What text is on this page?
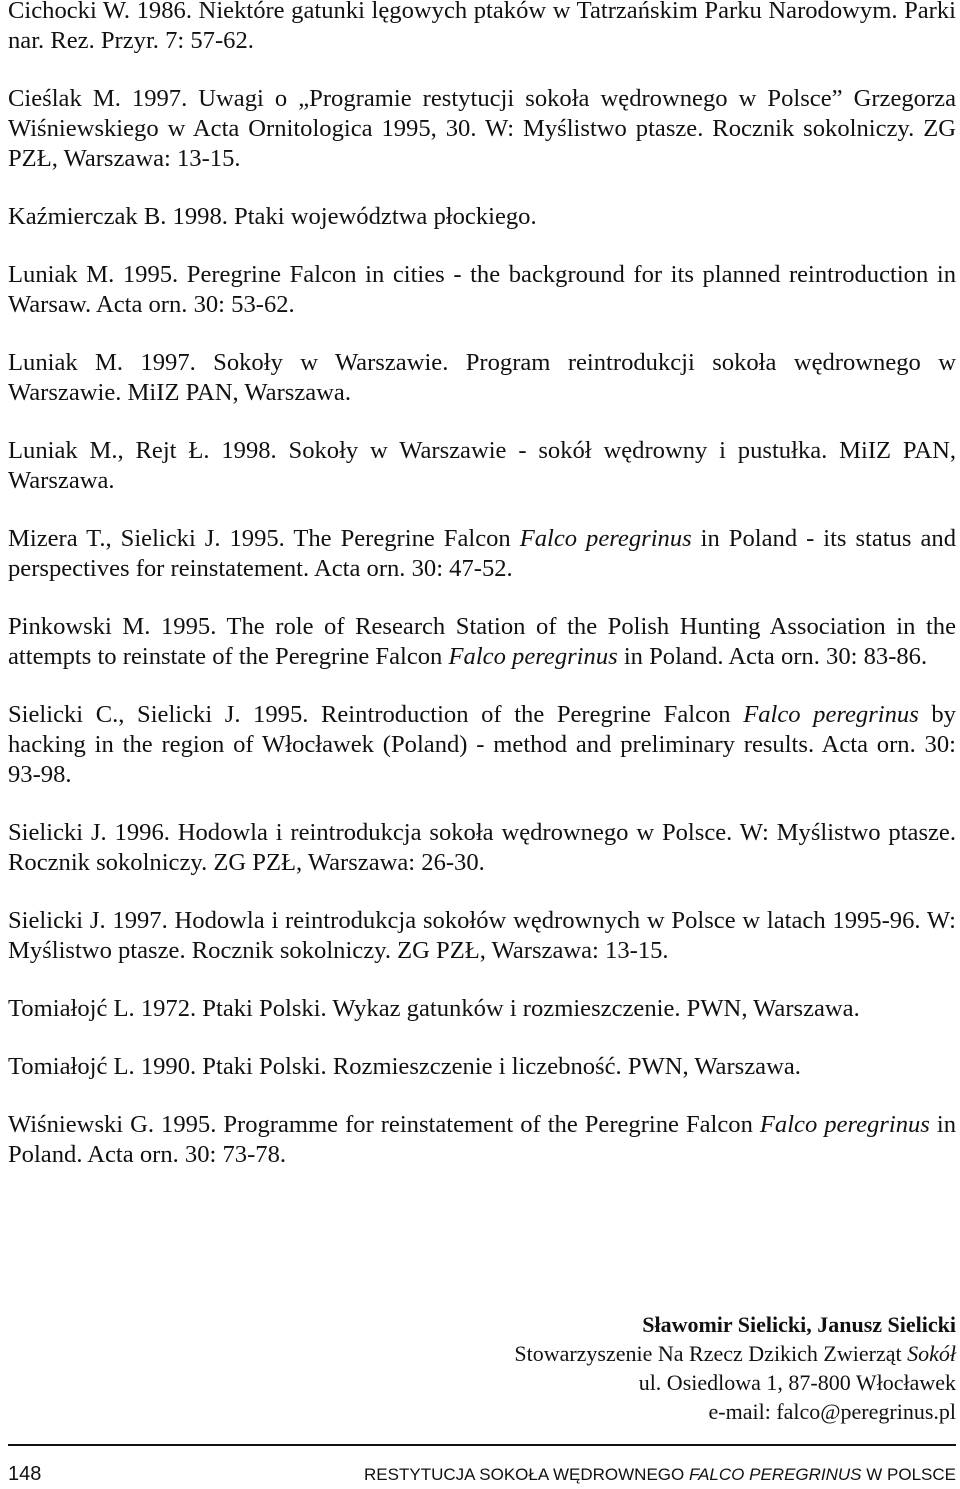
Cichocki W. 1986. Niektóre gatunki lęgowych ptaków w Tatrzańskim Parku Narodowym. Parki nar. Rez. Przyr. 7: 57-62.

Cieślak M. 1997. Uwagi o „Programie restytucji sokoła wędrownego w Polsce” Grzegorza Wiśniewskiego w Acta Ornitologica 1995, 30. W: Myślistwo ptasze. Rocznik sokolniczy. ZG PZŁ, Warszawa: 13-15.

Kaźmierczak B. 1998. Ptaki województwa płockiego.

Luniak M. 1995. Peregrine Falcon in cities - the background for its planned reintroduction in Warsaw. Acta orn. 30: 53-62.

Luniak M. 1997. Sokoły w Warszawie. Program reintrodukcji sokoła wędrownego w Warszawie. MiIZ PAN, Warszawa.

Luniak M., Rejt Ł. 1998. Sokoły w Warszawie - sokół wędrowny i pustułka. MiIZ PAN, Warszawa.

Mizera T., Sielicki J. 1995. The Peregrine Falcon Falco peregrinus in Poland - its status and perspectives for reinstatement. Acta orn. 30: 47-52.

Pinkowski M. 1995. The role of Research Station of the Polish Hunting Association in the attempts to reinstate of the Peregrine Falcon Falco peregrinus in Poland. Acta orn. 30: 83-86.

Sielicki C., Sielicki J. 1995. Reintroduction of the Peregrine Falcon Falco peregrinus by hacking in the region of Włocławek (Poland) - method and preliminary results. Acta orn. 30: 93-98.

Sielicki J. 1996. Hodowla i reintrodukcja sokoła wędrownego w Polsce. W: Myślistwo ptasze. Rocznik sokolniczy. ZG PZŁ, Warszawa: 26-30.

Sielicki J. 1997. Hodowla i reintrodukcja sokołów wędrownych w Polsce w latach 1995-96. W: Myślistwo ptasze. Rocznik sokolniczy. ZG PZŁ, Warszawa: 13-15.

Tomiałojć L. 1972. Ptaki Polski. Wykaz gatunków i rozmieszczenie. PWN, Warszawa.

Tomiałojć L. 1990. Ptaki Polski. Rozmieszczenie i liczebność. PWN, Warszawa.

Wiśniewski G. 1995. Programme for reinstatement of the Peregrine Falcon Falco peregrinus in Poland. Acta orn. 30: 73-78.

Sławomir Sielicki, Janusz Sielicki
Stowarzyszenie Na Rzecz Dzikich Zwierząt Sokół
ul. Osiedlowa 1, 87-800 Włocławek
e-mail: falco@peregrinus.pl
148	RESTYTUCJA SOKOŁA WĘDROWNEGO FALCO PEREGRINUS W POLSCE
